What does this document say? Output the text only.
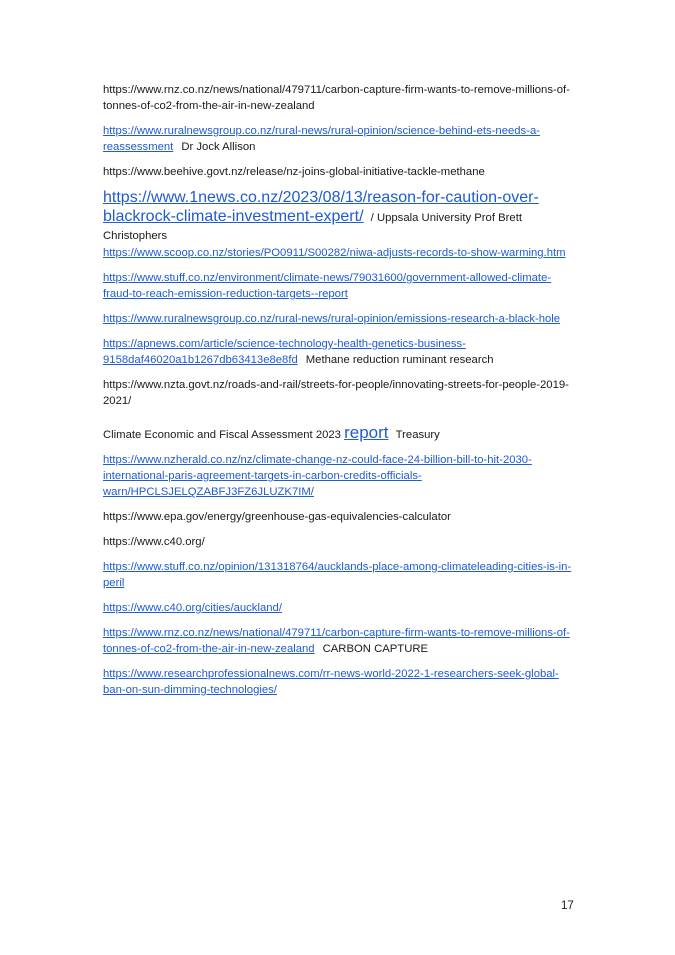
https://www.rnz.co.nz/news/national/479711/carbon-capture-firm-wants-to-remove-millions-of-tonnes-of-co2-from-the-air-in-new-zealand

https://www.ruralnewsgroup.co.nz/rural-news/rural-opinion/science-behind-ets-needs-a-reassessment Dr Jock Allison

https://www.beehive.govt.nz/release/nz-joins-global-initiative-tackle-methane

https://www.1news.co.nz/2023/08/13/reason-for-caution-over-blackrock-climate-investment-expert/ / Uppsala University Prof Brett Christophers

https://www.scoop.co.nz/stories/PO0911/S00282/niwa-adjusts-records-to-show-warming.htm

https://www.stuff.co.nz/environment/climate-news/79031600/government-allowed-climate-fraud-to-reach-emission-reduction-targets--report

https://www.ruralnewsgroup.co.nz/rural-news/rural-opinion/emissions-research-a-black-hole

https://apnews.com/article/science-technology-health-genetics-business-9158daf46020a1b1267db63413e8e8fd Methane reduction ruminant research

https://www.nzta.govt.nz/roads-and-rail/streets-for-people/innovating-streets-for-people-2019-2021/

Climate Economic and Fiscal Assessment 2023 report Treasury

https://www.nzherald.co.nz/nz/climate-change-nz-could-face-24-billion-bill-to-hit-2030-international-paris-agreement-targets-in-carbon-credits-officials-warn/HPCLSJELQZABFJ3FZ6JLUZK7IM/

https://www.epa.gov/energy/greenhouse-gas-equivalencies-calculator

https://www.c40.org/

https://www.stuff.co.nz/opinion/131318764/aucklands-place-among-climateleading-cities-is-in-peril

https://www.c40.org/cities/auckland/

https://www.rnz.co.nz/news/national/479711/carbon-capture-firm-wants-to-remove-millions-of-tonnes-of-co2-from-the-air-in-new-zealand CARBON CAPTURE

https://www.researchprofessionalnews.com/rr-news-world-2022-1-researchers-seek-global-ban-on-sun-dimming-technologies/

17
